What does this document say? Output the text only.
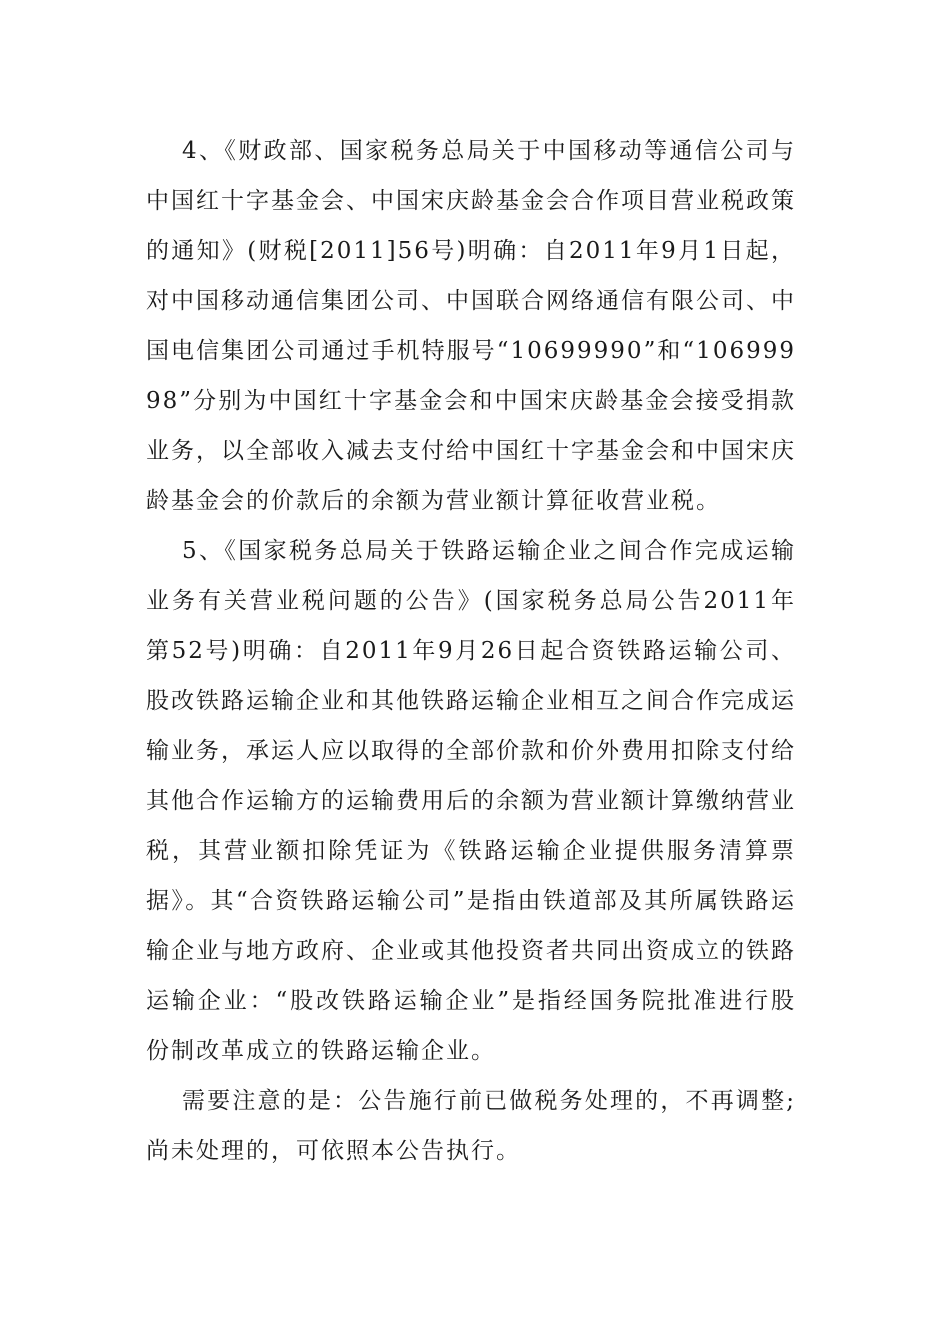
4、《财政部、国家税务总局关于中国移动等通信公司与中国红十字基金会、中国宋庆龄基金会合作项目营业税政策的通知》(财税[2011]56号)明确：自2011年9月1日起，对中国移动通信集团公司、中国联合网络通信有限公司、中国电信集团公司通过手机特服号“10699990”和“10699998”分别为中国红十字基金会和中国宋庆龄基金会接受捐款业务，以全部收入减去支付给中国红十字基金会和中国宋庆龄基金会的价款后的余额为营业额计算征收营业税。

5、《国家税务总局关于铁路运输企业之间合作完成运输业务有关营业税问题的公告》(国家税务总局公告2011年第52号)明确：自2011年9月26日起合资铁路运输公司、股改铁路运输企业和其他铁路运输企业相互之间合作完成运输业务，承运人应以取得的全部价款和价外费用扣除支付给其他合作运输方的运输费用后的余额为营业额计算缴纳营业税，其营业额扣除凭证为《铁路运输企业提供服务清算票据》。其“合资铁路运输公司”是指由铁道部及其所属铁路运输企业与地方政府、企业或其他投资者共同出资成立的铁路运输企业：“股改铁路运输企业”是指经国务院批准进行股份制改革成立的铁路运输企业。

需要注意的是：公告施行前已做税务处理的，不再调整;尚未处理的，可依照本公告执行。
